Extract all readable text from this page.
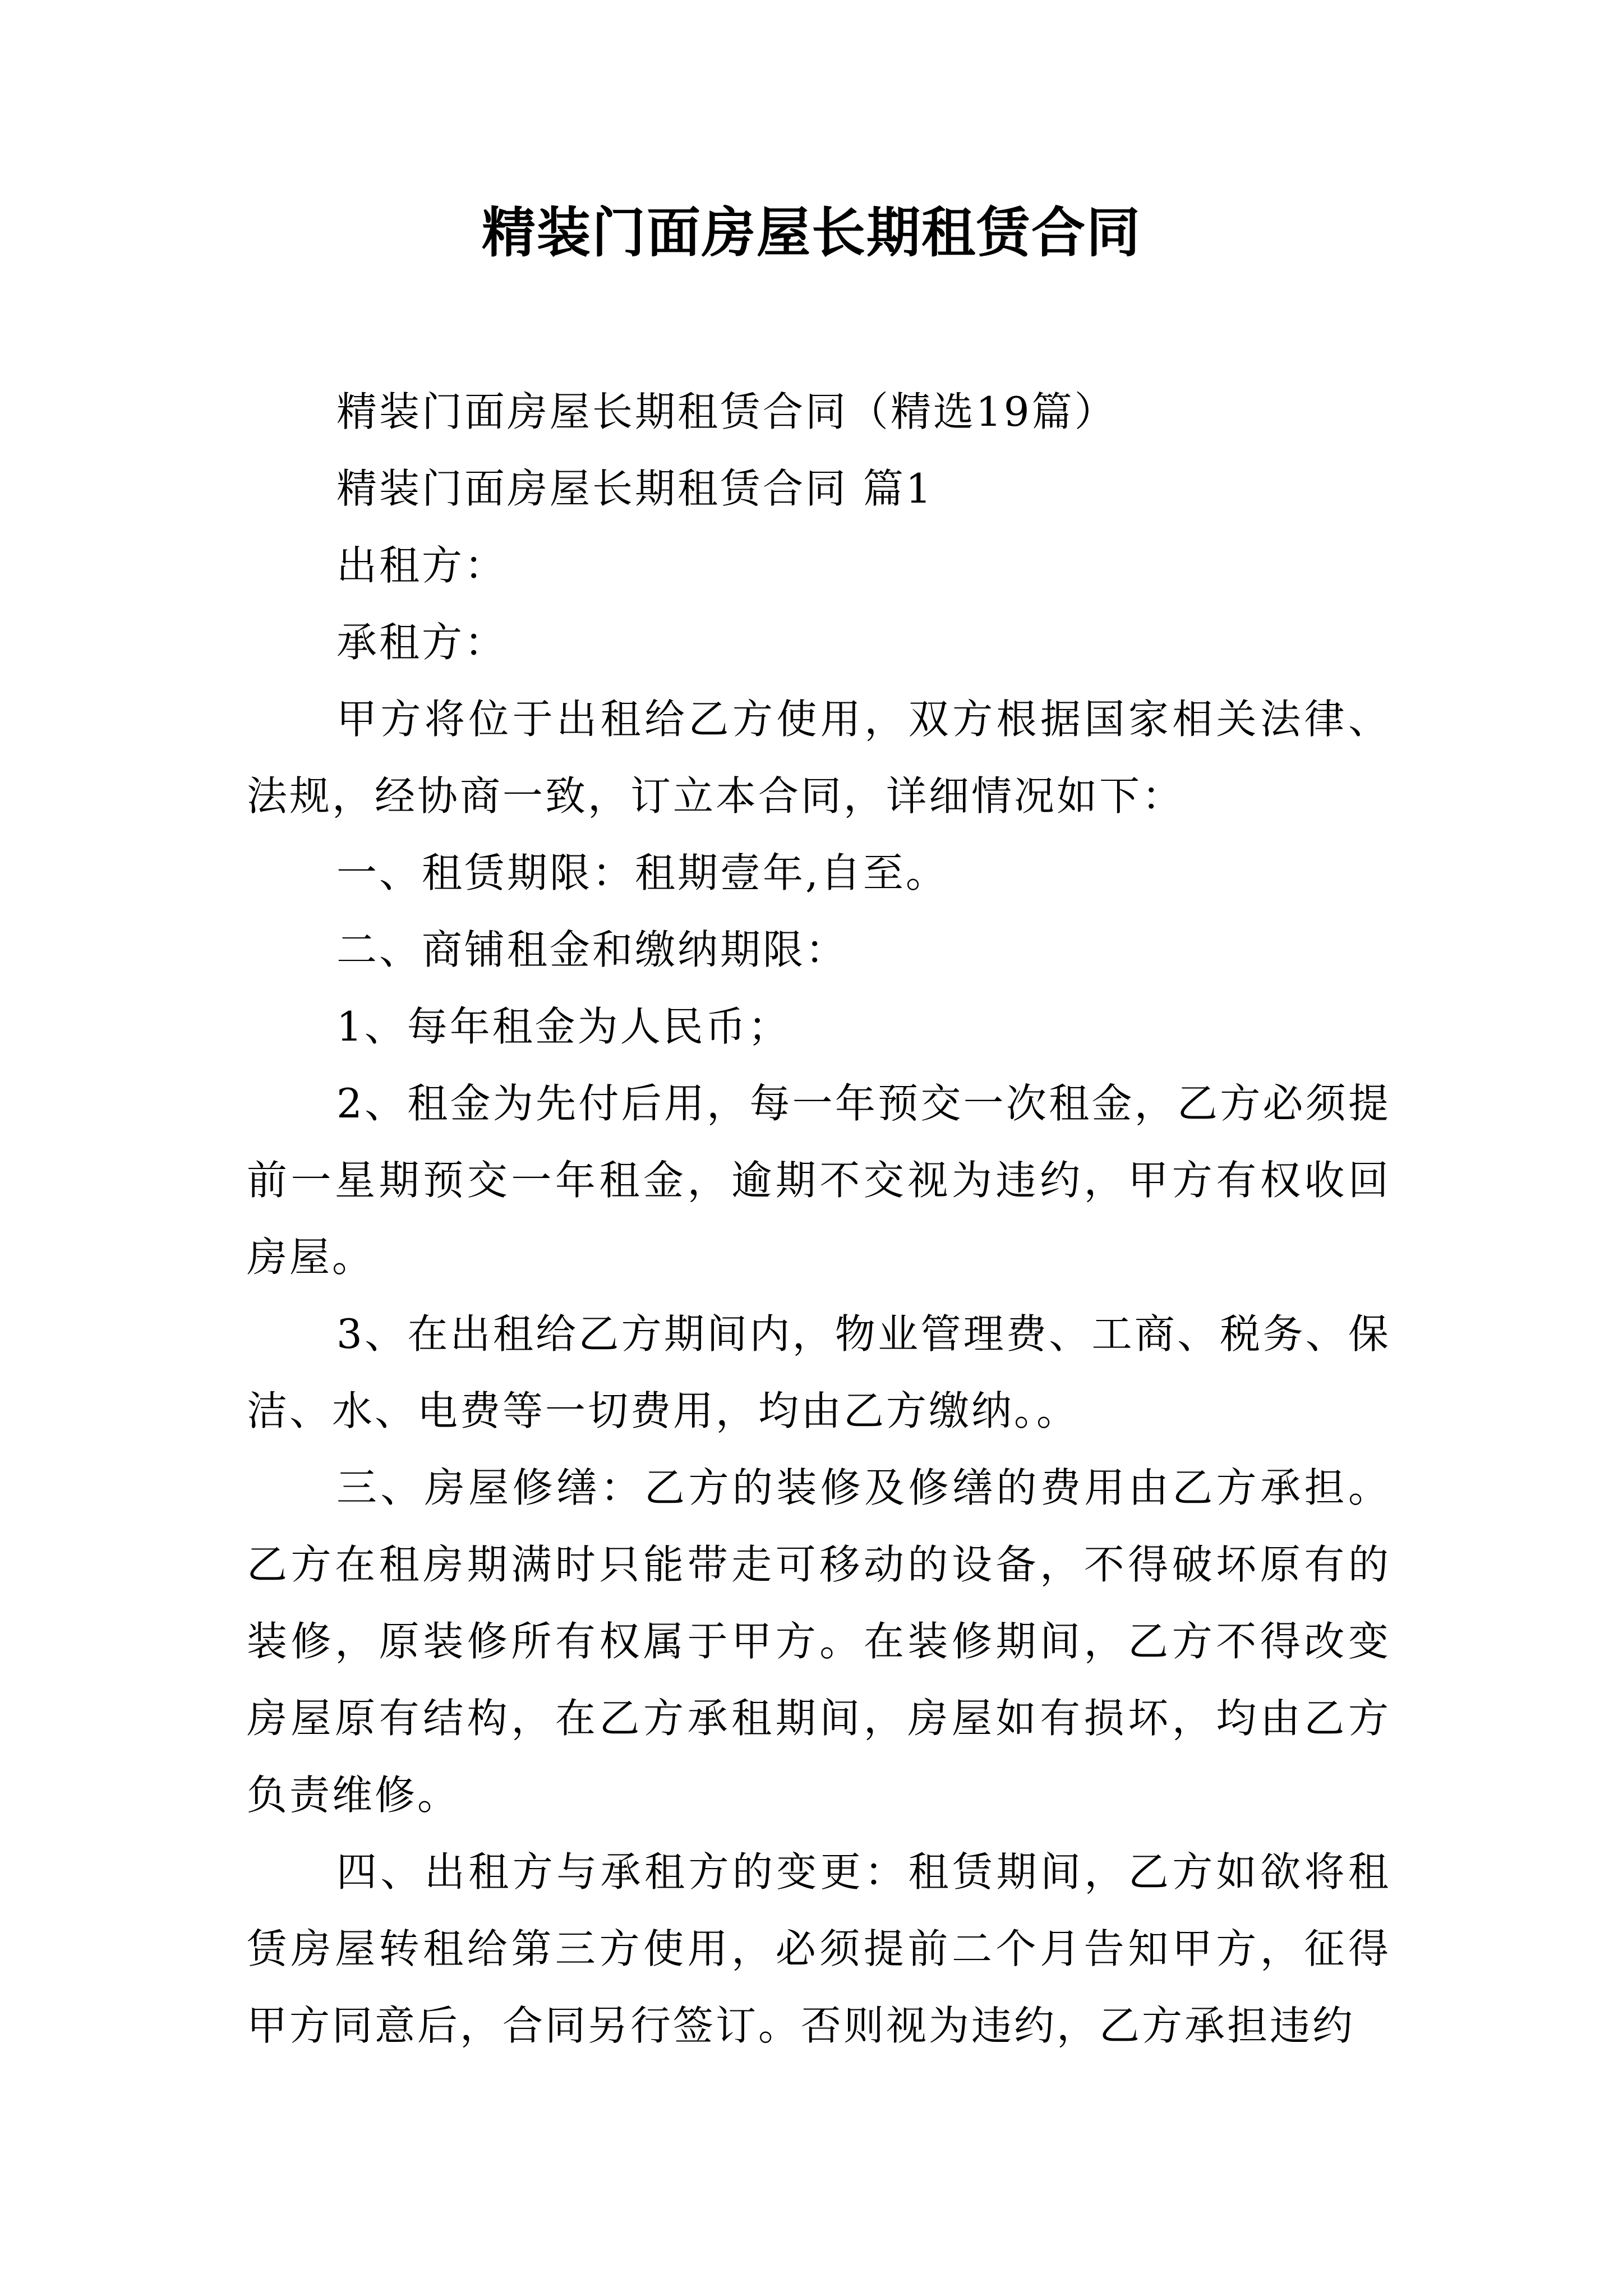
精装门面房屋长期租赁合同

精装门面房屋长期租赁合同（精选19篇）

精装门面房屋长期租赁合同 篇1

出租方：

承租方：

甲方将位于出租给乙方使用，双方根据国家相关法律、法规，经协商一致，订立本合同，详细情况如下：

一、租赁期限：租期壹年,自至。

二、商铺租金和缴纳期限：

1、每年租金为人民币；

2、租金为先付后用，每一年预交一次租金，乙方必须提前一星期预交一年租金，逾期不交视为违约，甲方有权收回房屋。

3、在出租给乙方期间内，物业管理费、工商、税务、保洁、水、电费等一切费用，均由乙方缴纳。。

三、房屋修缮：乙方的装修及修缮的费用由乙方承担。乙方在租房期满时只能带走可移动的设备，不得破坏原有的装修，原装修所有权属于甲方。在装修期间，乙方不得改变房屋原有结构，在乙方承租期间，房屋如有损坏，均由乙方负责维修。

四、出租方与承租方的变更：租赁期间，乙方如欲将租赁房屋转租给第三方使用，必须提前二个月告知甲方，征得甲方同意后，合同另行签订。否则视为违约，乙方承担违约
